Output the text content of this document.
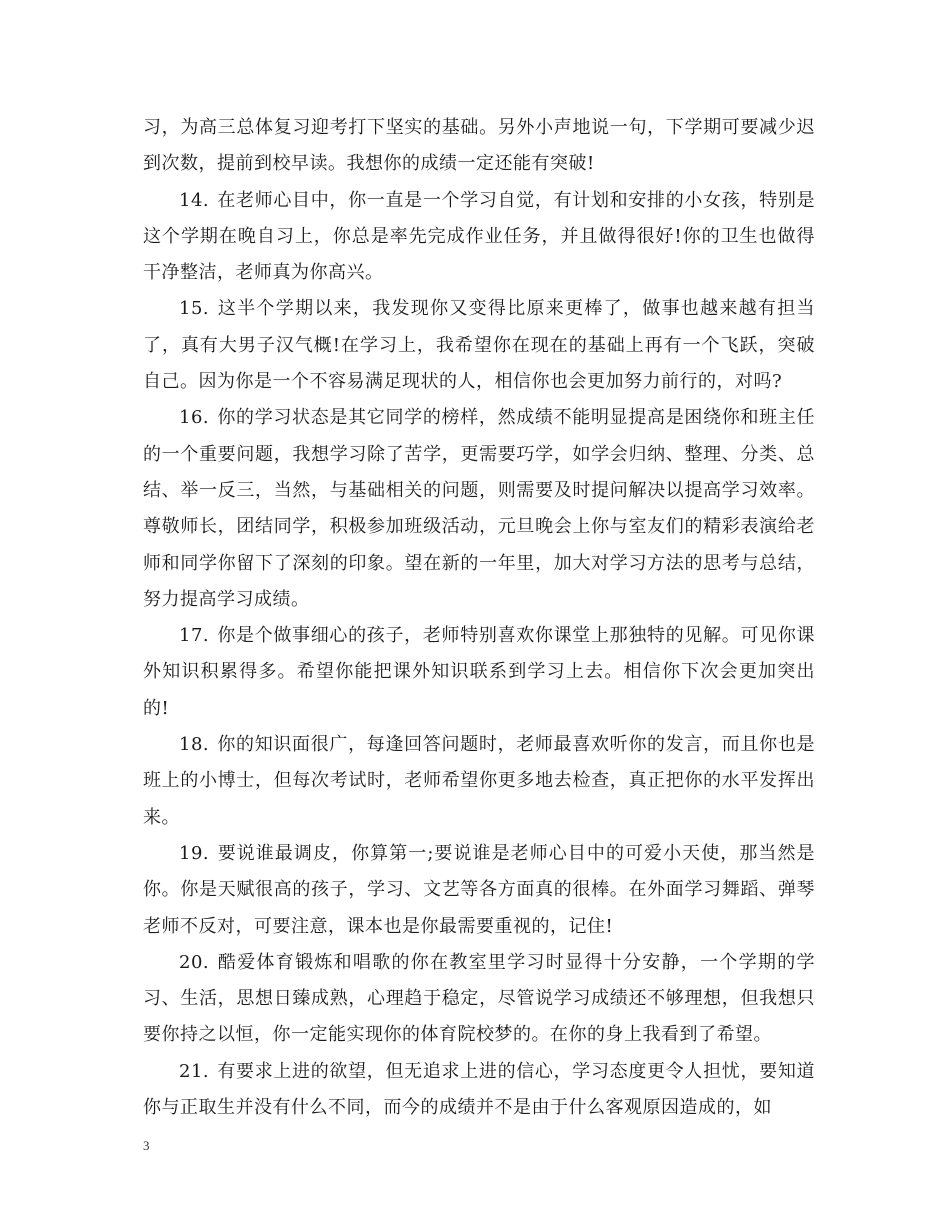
习，为高三总体复习迎考打下坚实的基础。另外小声地说一句，下学期可要减少迟到次数，提前到校早读。我想你的成绩一定还能有突破!

14. 在老师心目中，你一直是一个学习自觉，有计划和安排的小女孩，特别是这个学期在晚自习上，你总是率先完成作业任务，并且做得很好!你的卫生也做得干净整洁，老师真为你高兴。

15. 这半个学期以来，我发现你又变得比原来更棒了，做事也越来越有担当了，真有大男子汉气概!在学习上，我希望你在现在的基础上再有一个飞跃，突破自己。因为你是一个不容易满足现状的人，相信你也会更加努力前行的，对吗?

16. 你的学习状态是其它同学的榜样，然成绩不能明显提高是困绕你和班主任的一个重要问题，我想学习除了苦学，更需要巧学，如学会归纳、整理、分类、总结、举一反三，当然，与基础相关的问题，则需要及时提问解决以提高学习效率。尊敬师长，团结同学，积极参加班级活动，元旦晚会上你与室友们的精彩表演给老师和同学你留下了深刻的印象。望在新的一年里，加大对学习方法的思考与总结，努力提高学习成绩。

17. 你是个做事细心的孩子，老师特别喜欢你课堂上那独特的见解。可见你课外知识积累得多。希望你能把课外知识联系到学习上去。相信你下次会更加突出的!

18. 你的知识面很广，每逢回答问题时，老师最喜欢听你的发言，而且你也是班上的小博士，但每次考试时，老师希望你更多地去检查，真正把你的水平发挥出来。

19. 要说谁最调皮，你算第一;要说谁是老师心目中的可爱小天使，那当然是你。你是天赋很高的孩子，学习、文艺等各方面真的很棒。在外面学习舞蹈、弹琴老师不反对，可要注意，课本也是你最需要重视的，记住!

20. 酷爱体育锻炼和唱歌的你在教室里学习时显得十分安静，一个学期的学习、生活，思想日臻成熟，心理趋于稳定，尽管说学习成绩还不够理想，但我想只要你持之以恒，你一定能实现你的体育院校梦的。在你的身上我看到了希望。

21. 有要求上进的欲望，但无追求上进的信心，学习态度更令人担忧，要知道你与正取生并没有什么不同，而今的成绩并不是由于什么客观原因造成的，如

3
